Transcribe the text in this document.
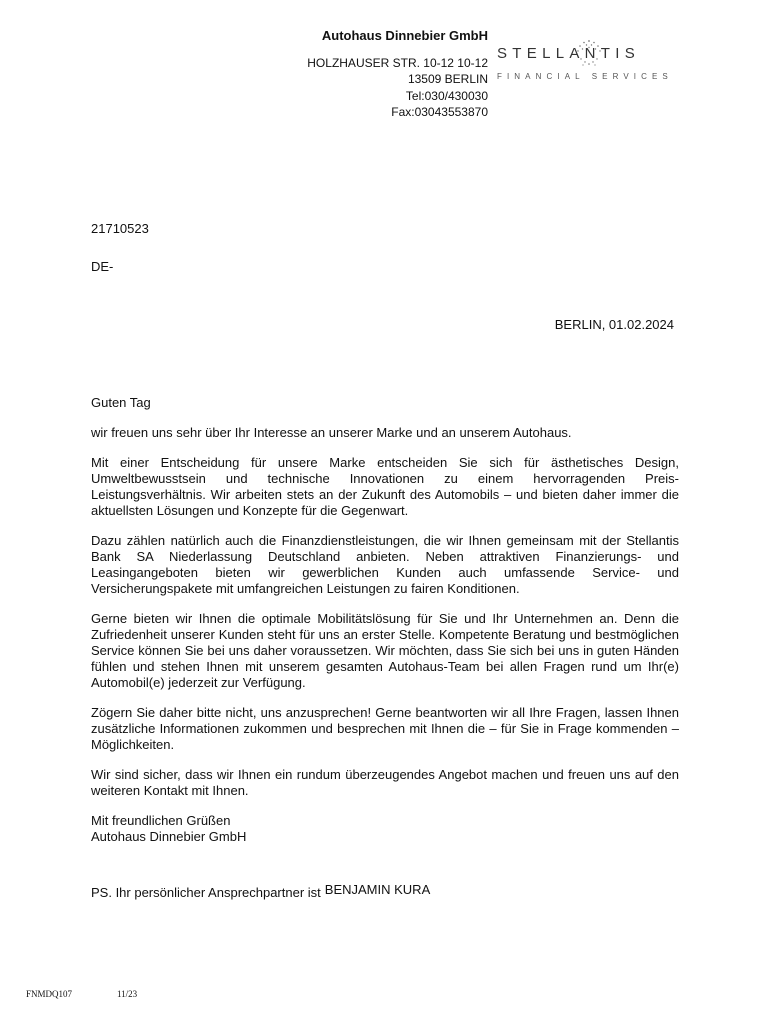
Autohaus Dinnebier GmbH
HOLZHAUSER STR. 10-12 10-12
13509 BERLIN
Tel:030/430030
Fax:03043553870
STELLANTIS
FINANCIAL SERVICES
21710523
DE-
BERLIN, 01.02.2024

Guten Tag

wir freuen uns sehr über Ihr Interesse an unserer Marke und an unserem Autohaus.

Mit einer Entscheidung für unsere Marke entscheiden Sie sich für ästhetisches Design, Umweltbewusstsein und technische Innovationen zu einem hervorragenden Preis-Leistungsverhältnis. Wir arbeiten stets an der Zukunft des Automobils – und bieten daher immer die aktuellsten Lösungen und Konzepte für die Gegenwart.

Dazu zählen natürlich auch die Finanzdienstleistungen, die wir Ihnen gemeinsam mit der Stellantis Bank SA Niederlassung Deutschland anbieten. Neben attraktiven Finanzierungs- und Leasingangeboten bieten wir gewerblichen Kunden auch umfassende Service- und Versicherungspakete mit umfangreichen Leistungen zu fairen Konditionen.

Gerne bieten wir Ihnen die optimale Mobilitätslösung für Sie und Ihr Unternehmen an. Denn die Zufriedenheit unserer Kunden steht für uns an erster Stelle. Kompetente Beratung und bestmöglichen Service können Sie bei uns daher voraussetzen. Wir möchten, dass Sie sich bei uns in guten Händen fühlen und stehen Ihnen mit unserem gesamten Autohaus-Team bei allen Fragen rund um Ihr(e) Automobil(e) jederzeit zur Verfügung.

Zögern Sie daher bitte nicht, uns anzusprechen! Gerne beantworten wir all Ihre Fragen, lassen Ihnen zusätzliche Informationen zukommen und besprechen mit Ihnen die – für Sie in Frage kommenden – Möglichkeiten.

Wir sind sicher, dass wir Ihnen ein rundum überzeugendes Angebot machen und freuen uns auf den weiteren Kontakt mit Ihnen.

Mit freundlichen Grüßen

Autohaus Dinnebier GmbH

PS. Ihr persönlicher Ansprechpartner ist BENJAMIN KURA
FNMDQ107	11/23
